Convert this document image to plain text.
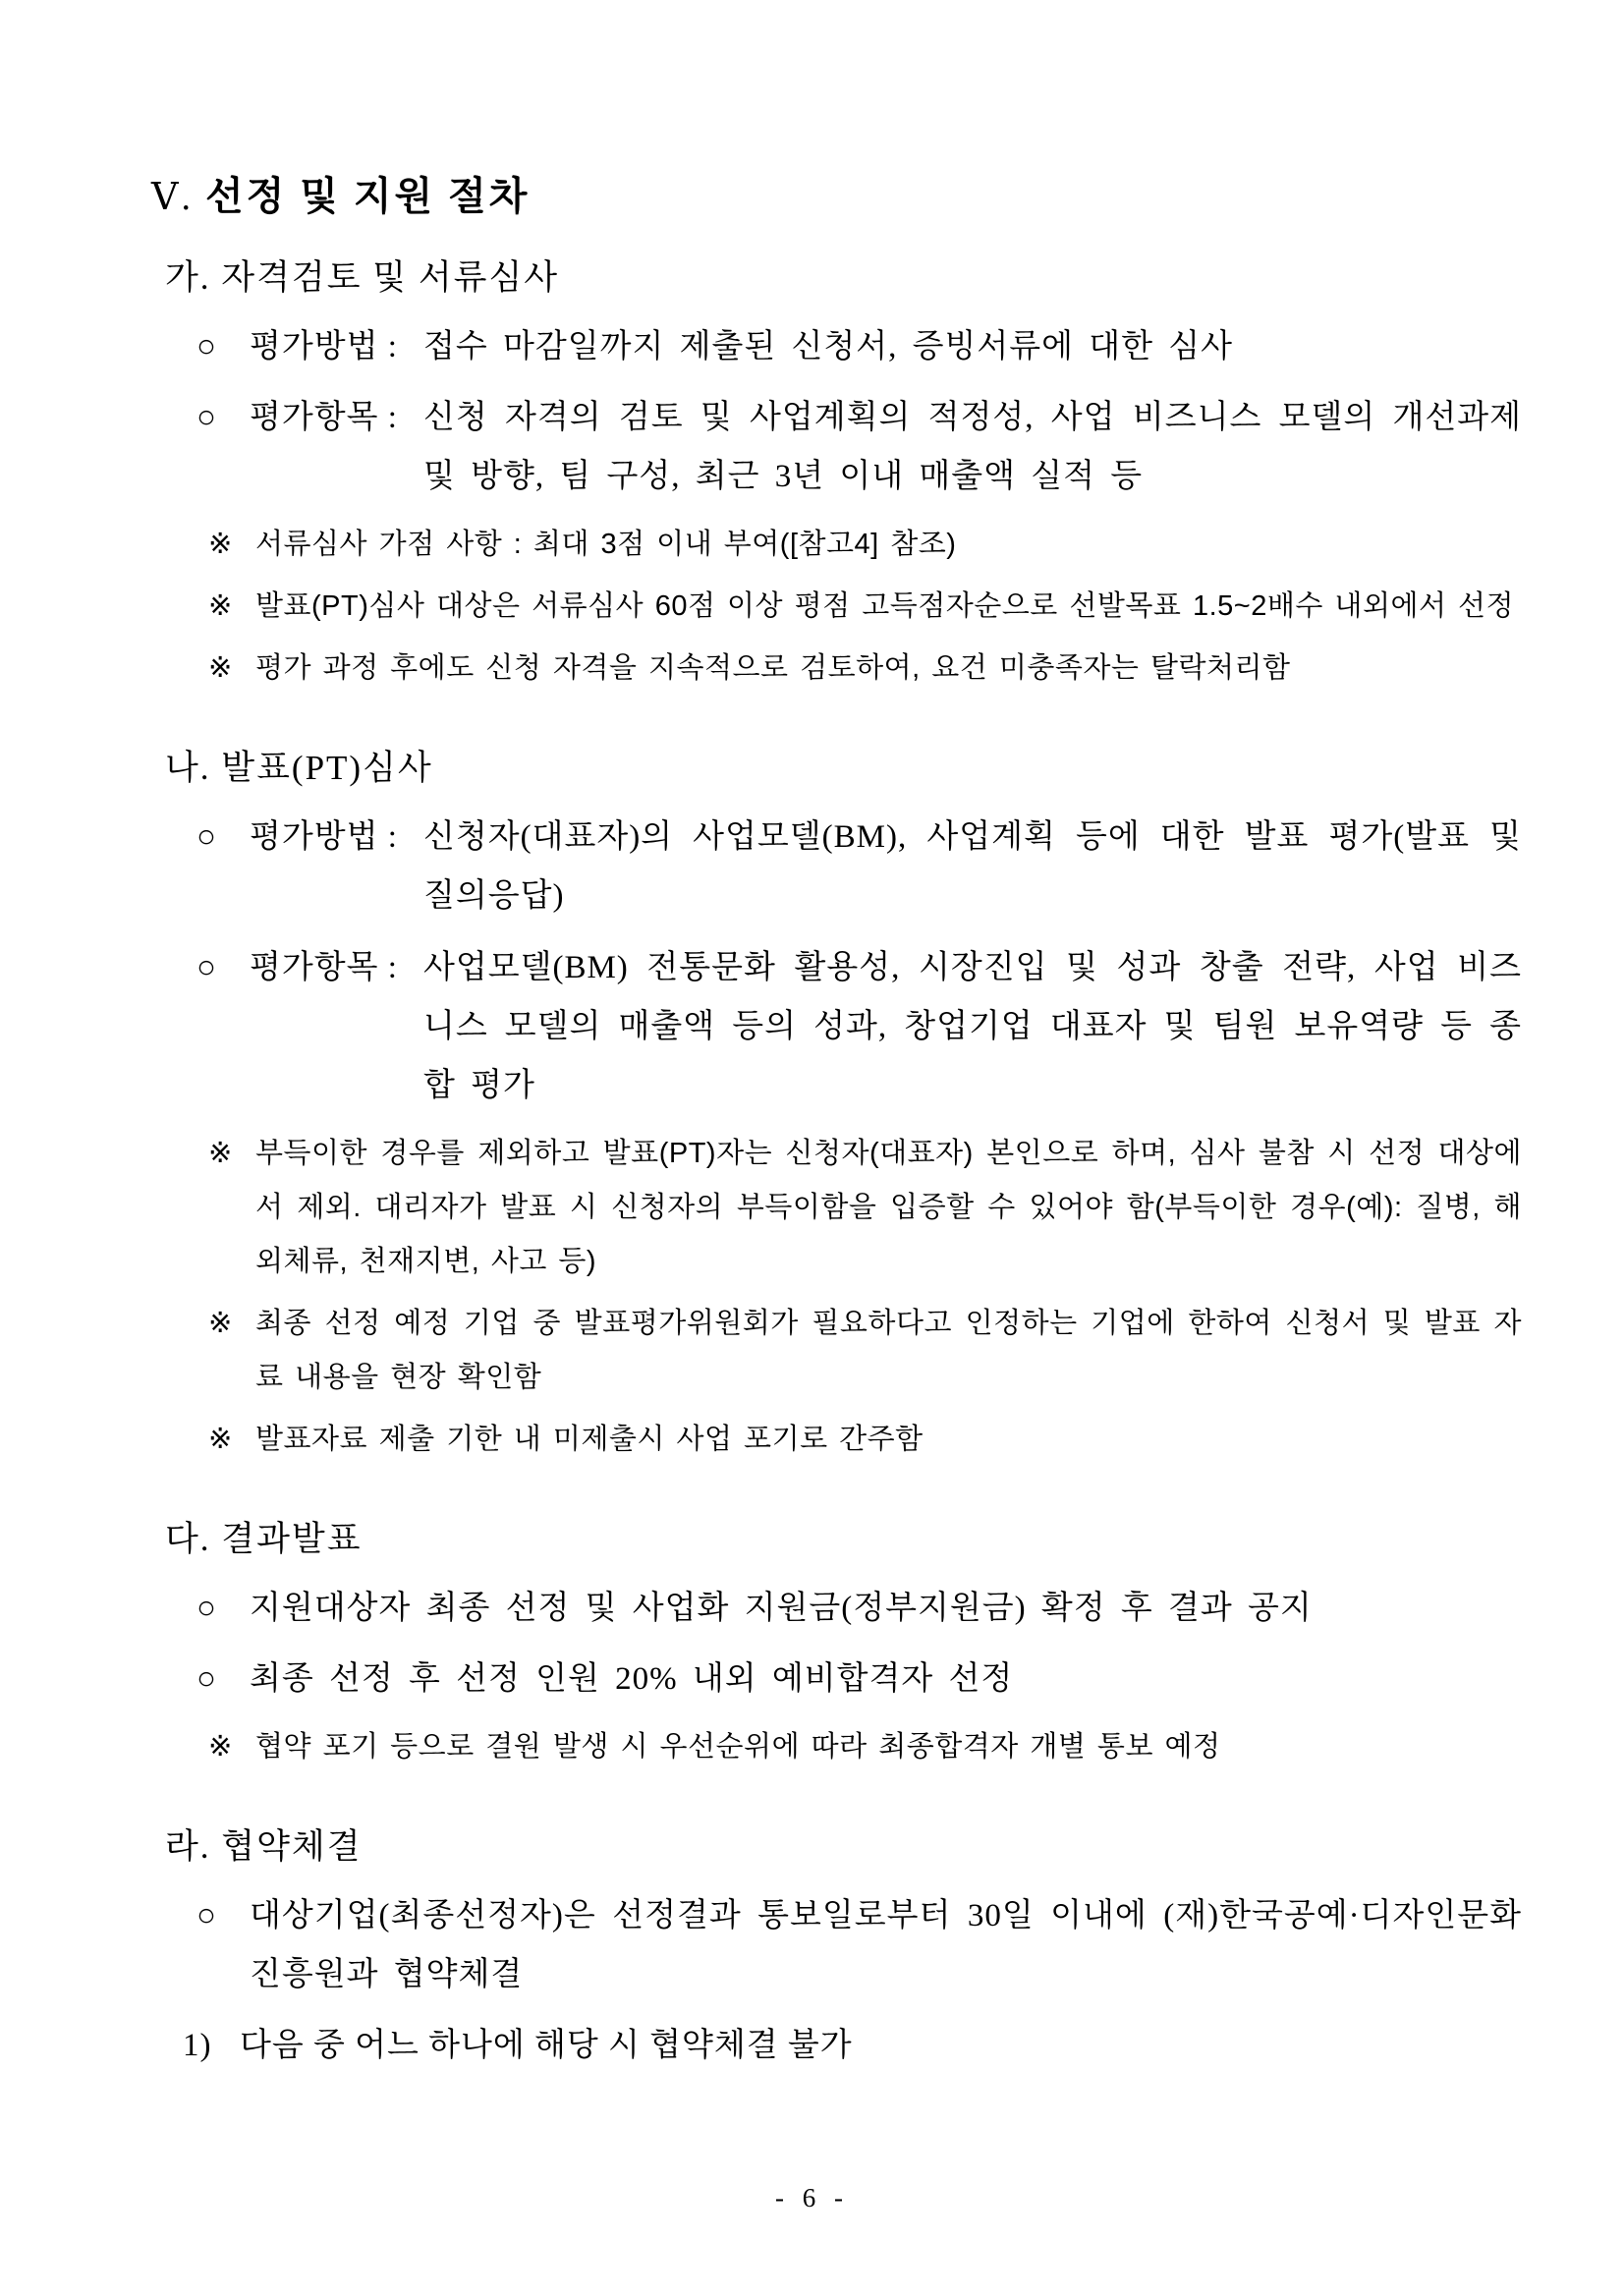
Ⅴ. 선정 및 지원 절차
가. 자격검토 및 서류심사
○	평가방법 : 접수 마감일까지 제출된 신청서, 증빙서류에 대한 심사
○	평가항목 : 신청 자격의 검토 및 사업계획의 적정성, 사업 비즈니스 모델의 개선과제 및 방향, 팀 구성, 최근 3년 이내 매출액 실적 등
※ 서류심사 가점 사항 : 최대 3점 이내 부여([참고4] 참조)
※ 발표(PT)심사 대상은 서류심사 60점 이상 평점 고득점자순으로 선발목표 1.5~2배수 내외에서 선정
※ 평가 과정 후에도 신청 자격을 지속적으로 검토하여, 요건 미충족자는 탈락처리함
나. 발표(PT)심사
○	평가방법 : 신청자(대표자)의 사업모델(BM), 사업계획 등에 대한 발표 평가(발표 및 질의응답)
○	평가항목 : 사업모델(BM) 전통문화 활용성, 시장진입 및 성과 창출 전략, 사업 비즈니스 모델의 매출액 등의 성과, 창업기업 대표자 및 팀원 보유역량 등 종합 평가
※ 부득이한 경우를 제외하고 발표(PT)자는 신청자(대표자) 본인으로 하며, 심사 불참 시 선정 대상에서 제외. 대리자가 발표 시 신청자의 부득이함을 입증할 수 있어야 함(부득이한 경우(예): 질병, 해외체류, 천재지변, 사고 등)
※ 최종 선정 예정 기업 중 발표평가위원회가 필요하다고 인정하는 기업에 한하여 신청서 및 발표 자료 내용을 현장 확인함
※ 발표자료 제출 기한 내 미제출시 사업 포기로 간주함
다. 결과발표
○	지원대상자 최종 선정 및 사업화 지원금(정부지원금) 확정 후 결과 공지
○	최종 선정 후 선정 인원 20% 내외 예비합격자 선정
※ 협약 포기 등으로 결원 발생 시 우선순위에 따라 최종합격자 개별 통보 예정
라. 협약체결
○	대상기업(최종선정자)은 선정결과 통보일로부터 30일 이내에 (재)한국공예·디자인문화진흥원과 협약체결
1) 다음 중 어느 하나에 해당 시 협약체결 불가
- 6 -
